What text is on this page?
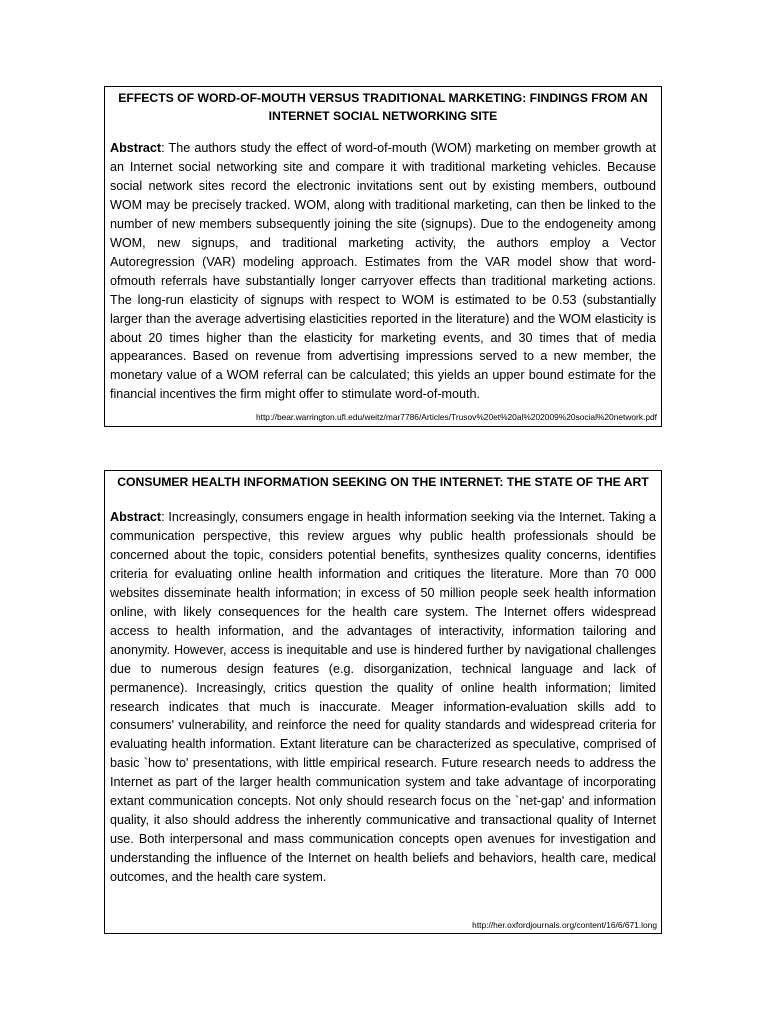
EFFECTS OF WORD-OF-MOUTH VERSUS TRADITIONAL MARKETING: FINDINGS FROM AN INTERNET SOCIAL NETWORKING SITE

Abstract: The authors study the effect of word-of-mouth (WOM) marketing on member growth at an Internet social networking site and compare it with traditional marketing vehicles. Because social network sites record the electronic invitations sent out by existing members, outbound WOM may be precisely tracked. WOM, along with traditional marketing, can then be linked to the number of new members subsequently joining the site (signups). Due to the endogeneity among WOM, new signups, and traditional marketing activity, the authors employ a Vector Autoregression (VAR) modeling approach. Estimates from the VAR model show that word-ofmouth referrals have substantially longer carryover effects than traditional marketing actions. The long-run elasticity of signups with respect to WOM is estimated to be 0.53 (substantially larger than the average advertising elasticities reported in the literature) and the WOM elasticity is about 20 times higher than the elasticity for marketing events, and 30 times that of media appearances. Based on revenue from advertising impressions served to a new member, the monetary value of a WOM referral can be calculated; this yields an upper bound estimate for the financial incentives the firm might offer to stimulate word-of-mouth.

http://bear.warrington.ufl.edu/weitz/mar7786/Articles/Trusov%20et%20al%202009%20social%20network.pdf

CONSUMER HEALTH INFORMATION SEEKING ON THE INTERNET: THE STATE OF THE ART

Abstract: Increasingly, consumers engage in health information seeking via the Internet. Taking a communication perspective, this review argues why public health professionals should be concerned about the topic, considers potential benefits, synthesizes quality concerns, identifies criteria for evaluating online health information and critiques the literature. More than 70 000 websites disseminate health information; in excess of 50 million people seek health information online, with likely consequences for the health care system. The Internet offers widespread access to health information, and the advantages of interactivity, information tailoring and anonymity. However, access is inequitable and use is hindered further by navigational challenges due to numerous design features (e.g. disorganization, technical language and lack of permanence). Increasingly, critics question the quality of online health information; limited research indicates that much is inaccurate. Meager information-evaluation skills add to consumers' vulnerability, and reinforce the need for quality standards and widespread criteria for evaluating health information. Extant literature can be characterized as speculative, comprised of basic `how to' presentations, with little empirical research. Future research needs to address the Internet as part of the larger health communication system and take advantage of incorporating extant communication concepts. Not only should research focus on the `net-gap' and information quality, it also should address the inherently communicative and transactional quality of Internet use. Both interpersonal and mass communication concepts open avenues for investigation and understanding the influence of the Internet on health beliefs and behaviors, health care, medical outcomes, and the health care system.

http://her.oxfordjournals.org/content/16/6/671.long
